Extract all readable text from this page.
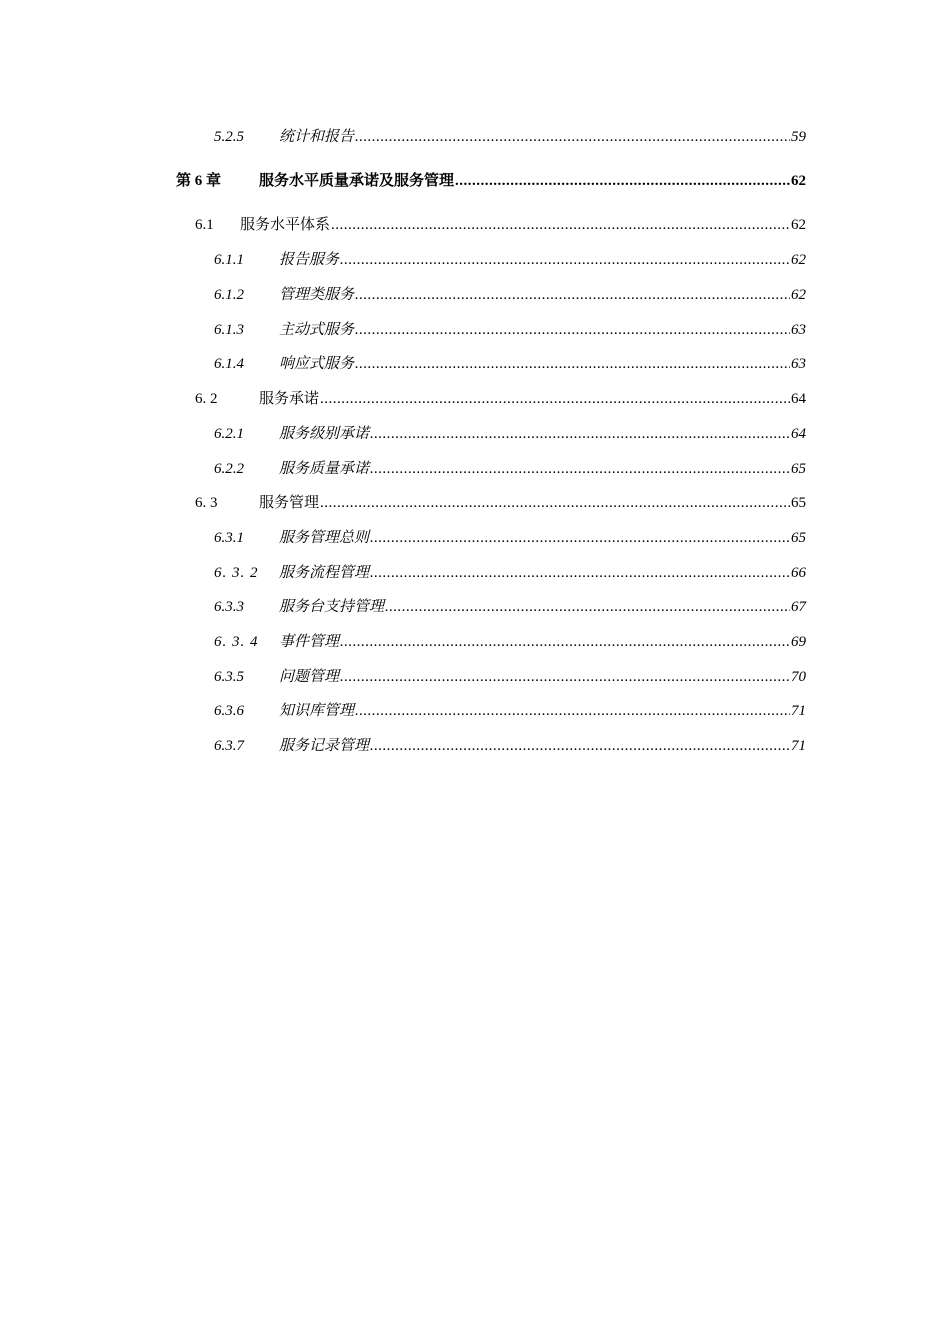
5.2.5	统计和报告 .....	59
第 6 章	服务水平质量承诺及服务管理 .....	62
6.1	服务水平体系 .....	62
6.1.1	报告服务 .....	62
6.1.2	管理类服务 .....	62
6.1.3	主动式服务 .....	63
6.1.4	响应式服务 .....	63
6. 2	服务承诺 .....	64
6.2.1	服务级别承诺 .....	64
6.2.2	服务质量承诺 .....	65
6. 3	服务管理 .....	65
6.3.1	服务管理总则 .....	65
6. 3. 2	服务流程管理 .....	66
6.3.3	服务台支持管理 .....	67
6. 3. 4	事件管理 .....	69
6.3.5	问题管理 .....	70
6.3.6	知识库管理 .....	71
6.3.7	服务记录管理 .....	71
